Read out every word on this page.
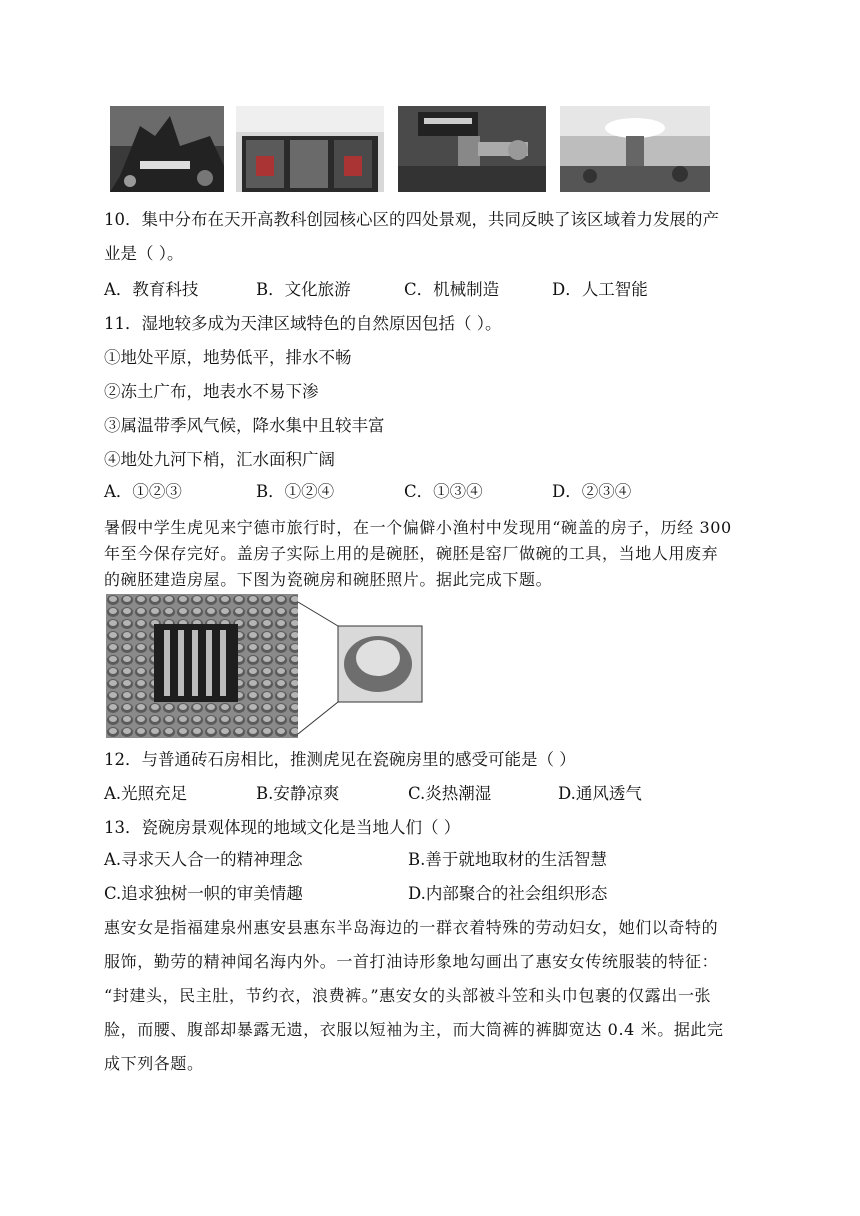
10．集中分布在天开高教科创园核心区的四处景观，共同反映了该区域着力发展的产
业是（ ）。
A．教育科技	B．文化旅游	C．机械制造	D．人工智能
11．湿地较多成为天津区域特色的自然原因包括（ ）。
①地处平原，地势低平，排水不畅
②冻土广布，地表水不易下渗
③属温带季风气候，降水集中且较丰富
④地处九河下梢，汇水面积广阔
A．①②③	B．①②④	C．①③④	D．②③④
暑假中学生虎见来宁德市旅行时，在一个偏僻小渔村中发现用“碗盖的房子，历经 300
年至今保存完好。盖房子实际上用的是碗胚，碗胚是窑厂做碗的工具，当地人用废弃
的碗胚建造房屋。下图为瓷碗房和碗胚照片。据此完成下题。
12．与普通砖石房相比，推测虎见在瓷碗房里的感受可能是（ ）
A.光照充足	B.安静凉爽	C.炎热潮湿	D.通风透气
13．瓷碗房景观体现的地域文化是当地人们（ ）
A.寻求天人合一的精神理念	B.善于就地取材的生活智慧
C.追求独树一帜的审美情趣	D.内部聚合的社会组织形态
惠安女是指福建泉州惠安县惠东半岛海边的一群衣着特殊的劳动妇女，她们以奇特的
服饰，勤劳的精神闻名海内外。一首打油诗形象地勾画出了惠安女传统服装的特征：
“封建头，民主肚，节约衣，浪费裤。”惠安女的头部被斗笠和头巾包裹的仅露出一张
脸，而腰、腹部却暴露无遗，衣服以短袖为主，而大筒裤的裤脚宽达 0.4 米。据此完
成下列各题。
